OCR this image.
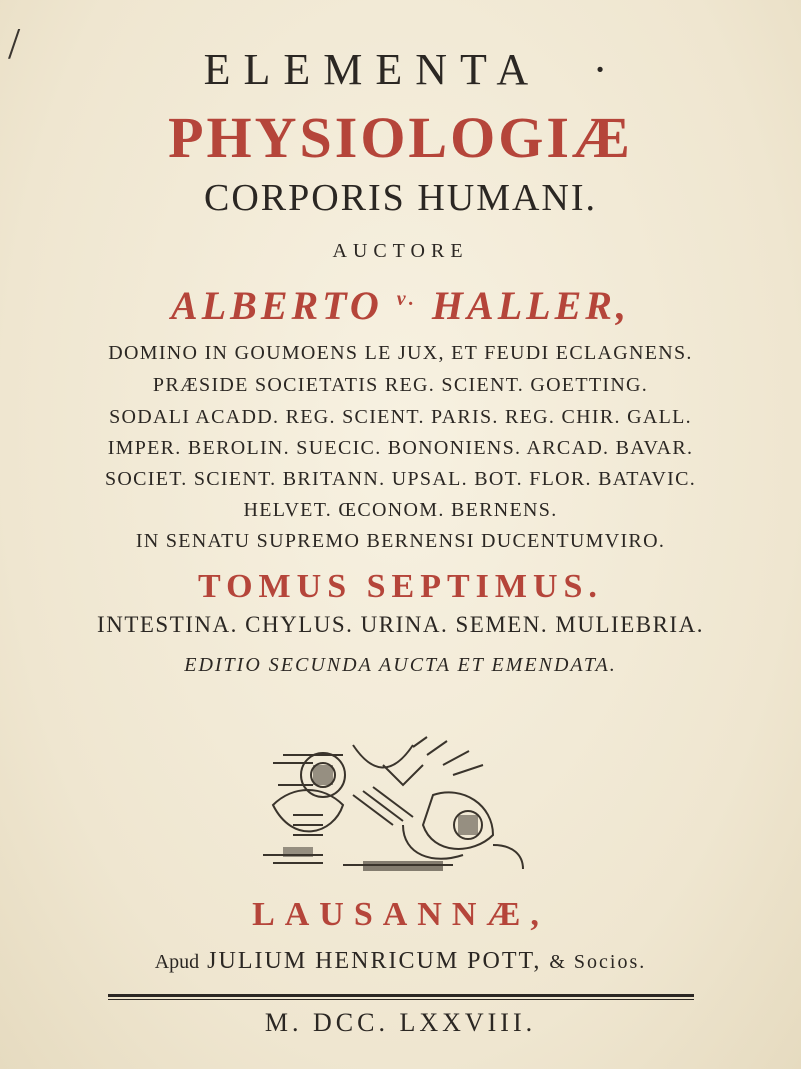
/
ELEMENTA ·
PHYSIOLOGIÆ
CORPORIS HUMANI.
AUCTORE
ALBERTO $^{v.}$ HALLER,
DOMINO IN GOUMOENS LE JUX, ET FEUDI ECLAGNENS.
PRÆSIDE SOCIETATIS REG. SCIENT. GOETTING.
SODALI ACADD. REG. SCIENT. PARIS. REG. CHIR. GALL.
IMPER. BEROLIN. SUECIC. BONONIENS. ARCAD. BAVAR.
SOCIET. SCIENT. BRITANN. UPSAL. BOT. FLOR. BATAVIC.
HELVET. ŒCONOM. BERNENS.
IN SENATU SUPREMO BERNENSI DUCENTUMVIRO.
TOMUS SEPTIMUS.
INTESTINA. CHYLUS. URINA. SEMEN. MULIEBRIA.
EDITIO SECUNDA AUCTA ET EMENDATA.
LAUSANNÆ,
Apud JULIUM HENRICUM POTT, & Socios.
M. DCC. LXXVIII.
